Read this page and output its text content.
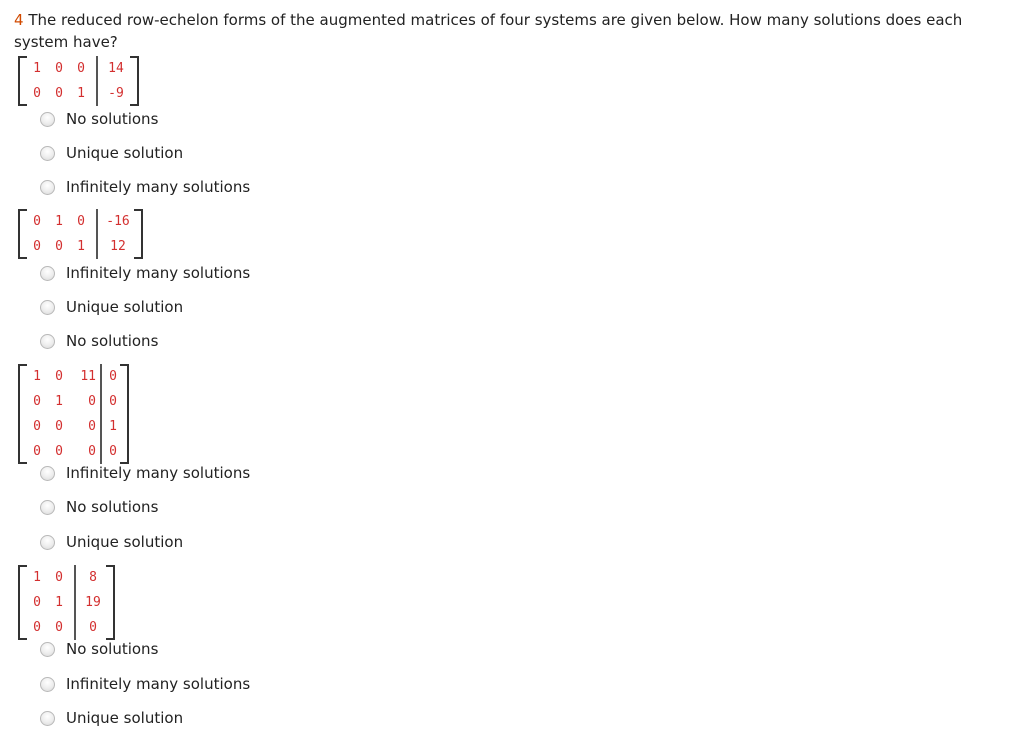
4 The reduced row-echelon forms of the augmented matrices of four systems are given below. How many solutions does each system have?
1	0	0	14
0	0	1	-9
No solutions
Unique solution
Infinitely many solutions
0	1	0	-16
0	0	1	12
Infinitely many solutions
Unique solution
No solutions
1	0	11	0
0	1	0	0
0	0	0	1
0	0	0	0
Infinitely many solutions
No solutions
Unique solution
1	0	8
0	1	19
0	0	0
No solutions
Infinitely many solutions
Unique solution
